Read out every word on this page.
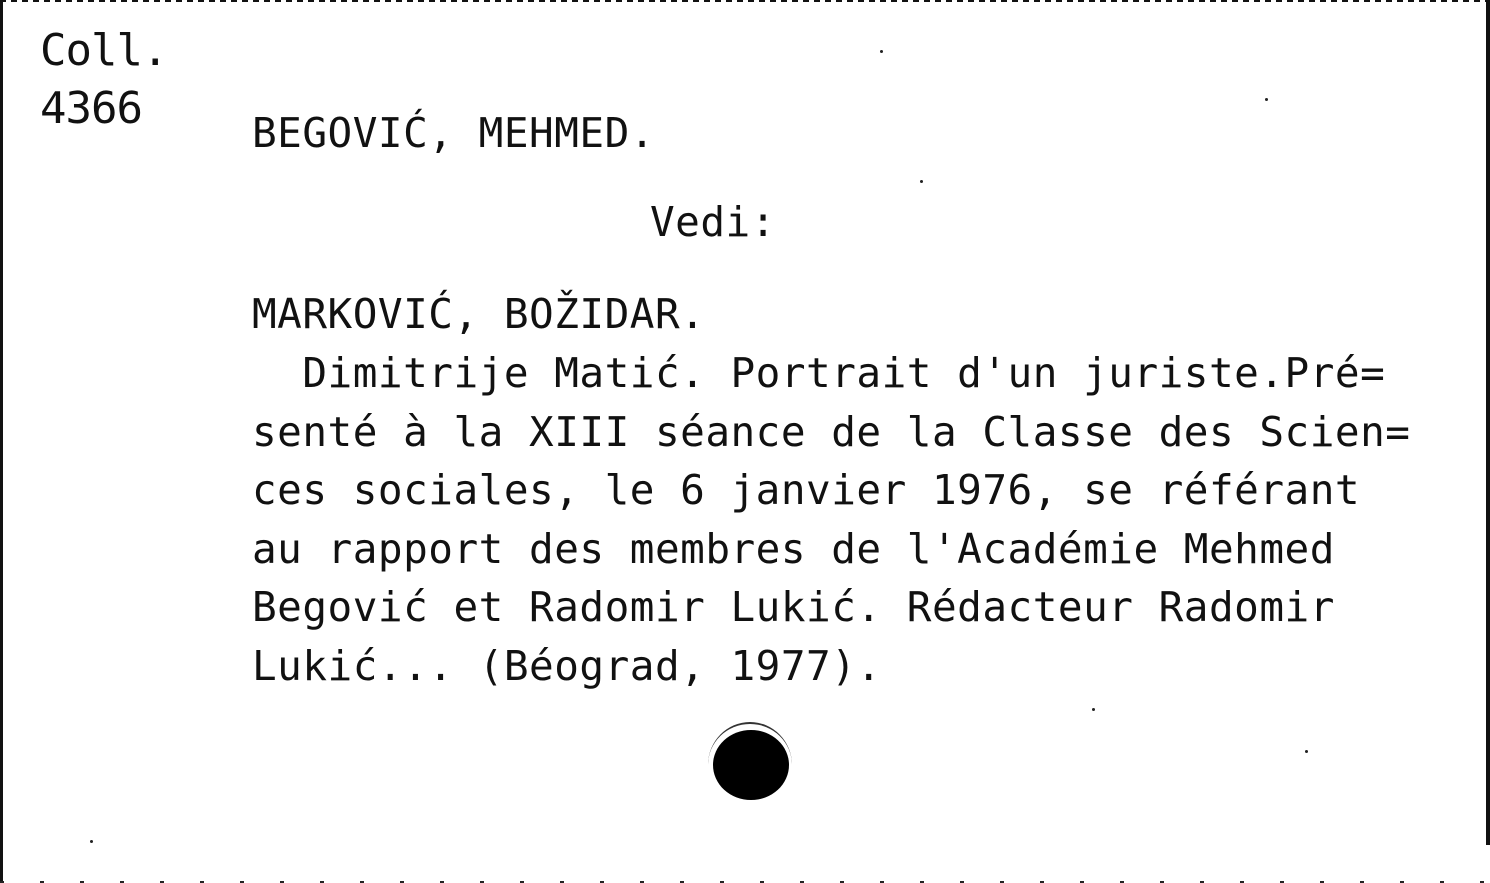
Coll.
4366	BEGOVIĆ, MEHMED.
Vedi:
MARKOVIĆ, BOŽIDAR.
Dimitrije Matić. Portrait d'un juriste.Pré=
senté à la XIII séance de la Classe des Scien=
ces sociales, le 6 janvier 1976, se référant
au rapport des membres de l'Académie Mehmed
Begović et Radomir Lukić. Rédacteur Radomir
Lukić... (Béograd, 1977).
